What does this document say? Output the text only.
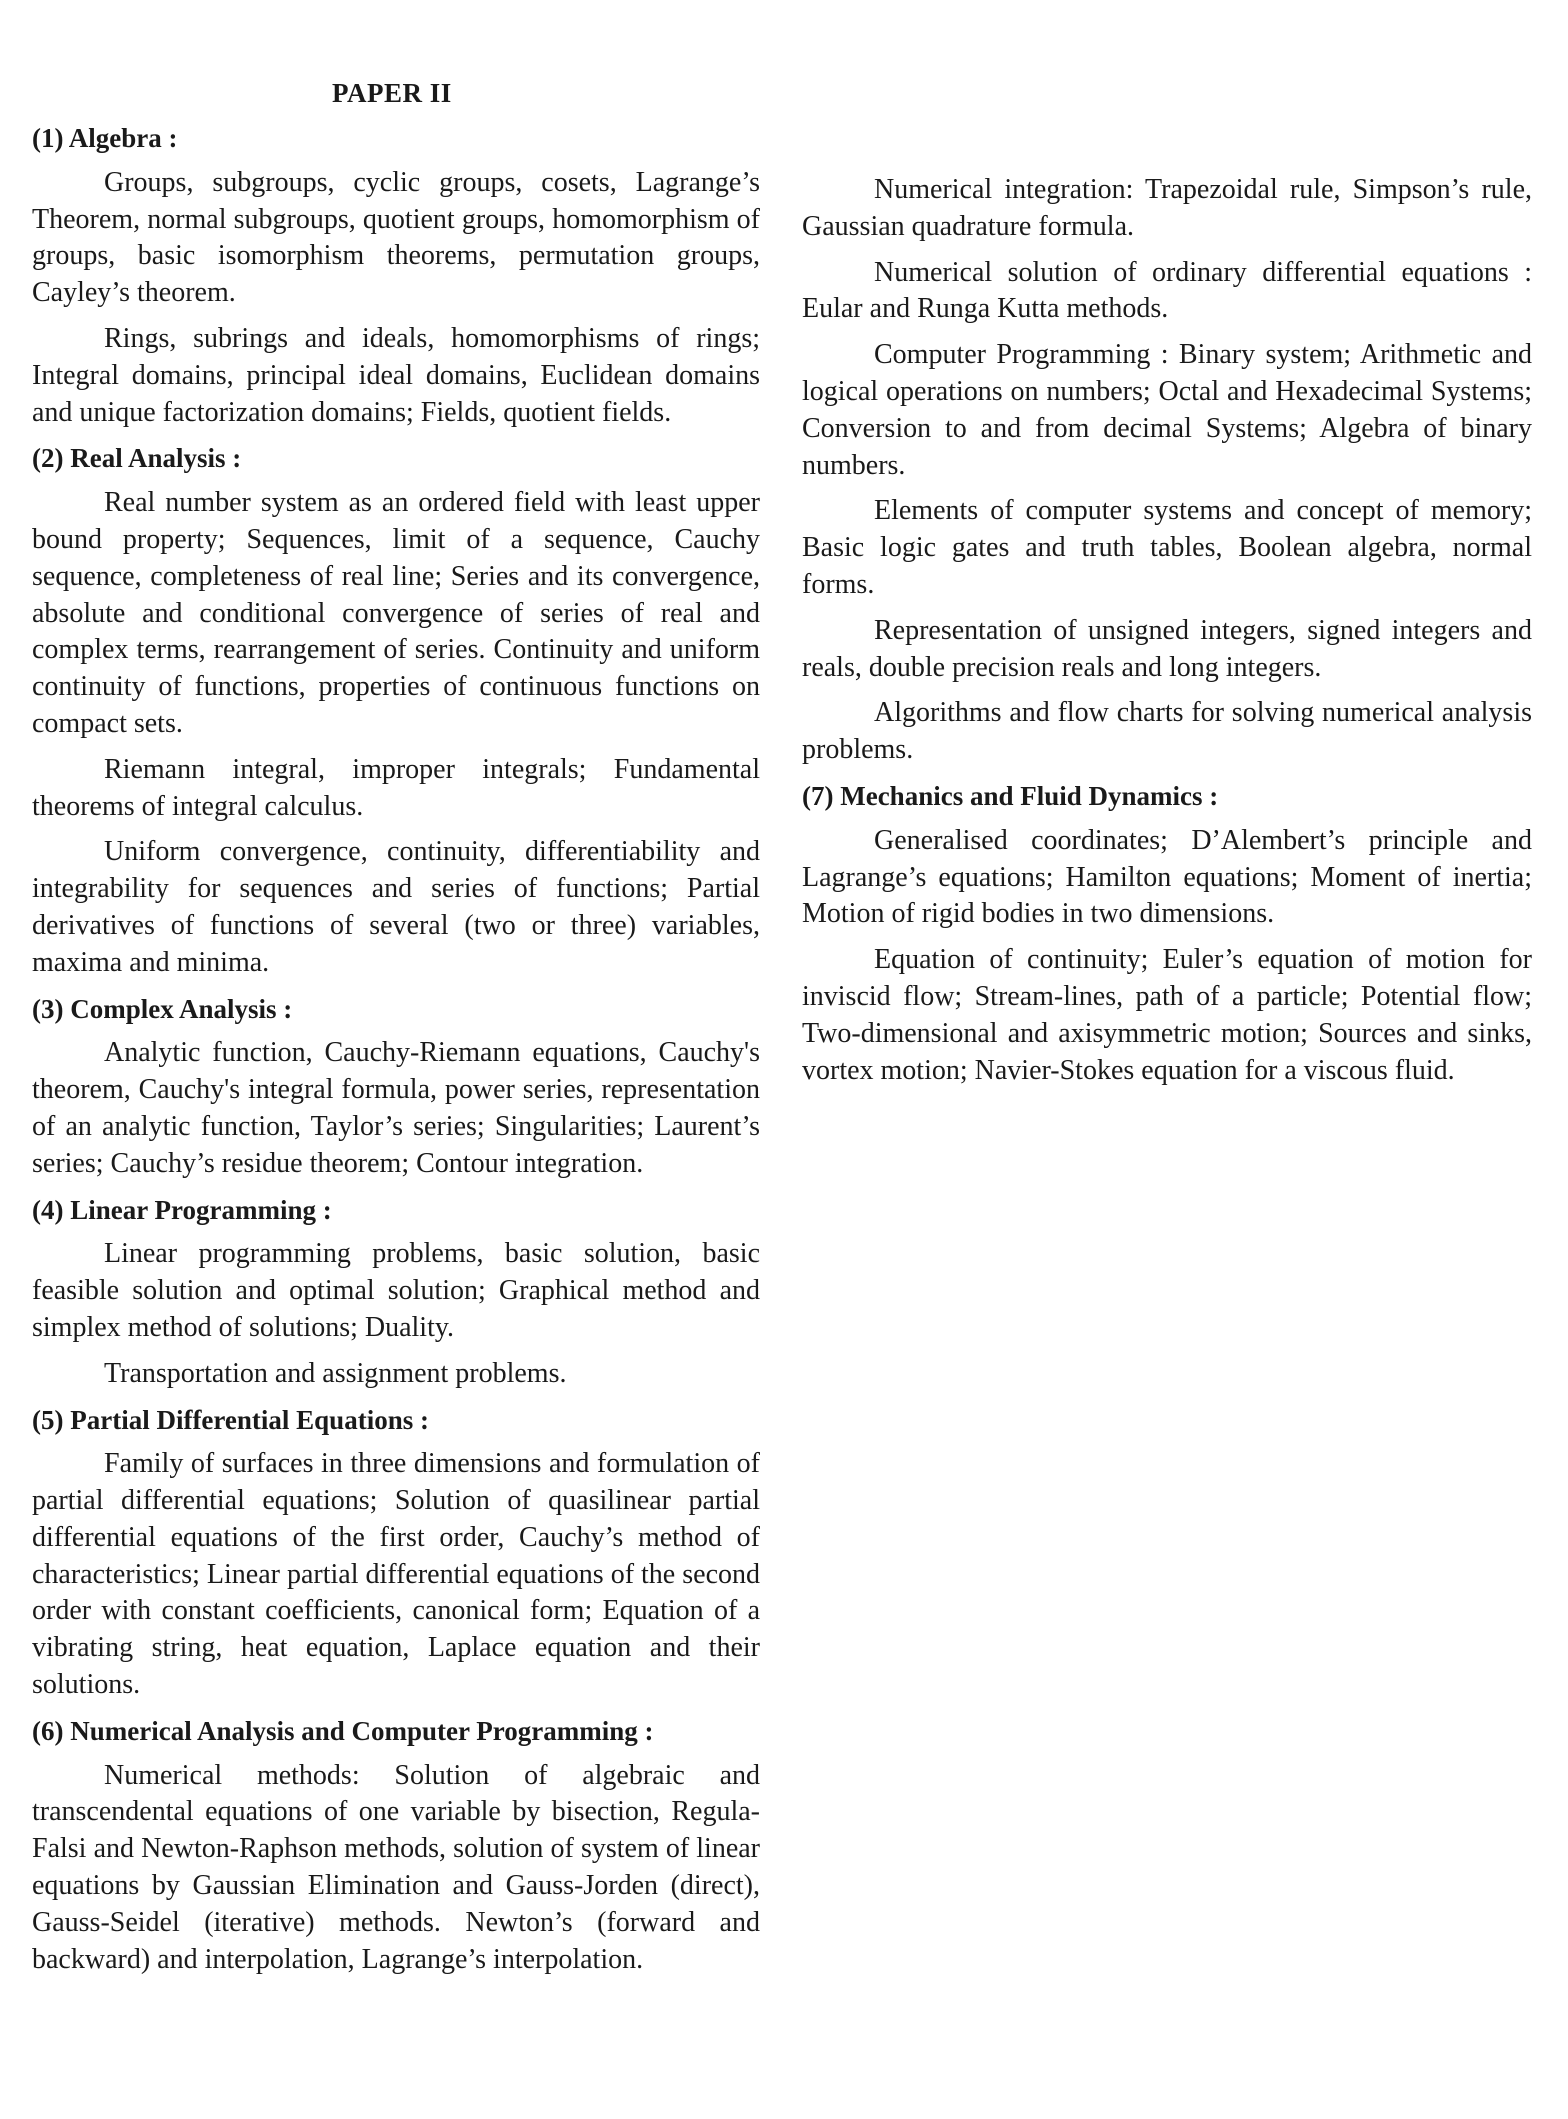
PAPER II

(1) Algebra :

Groups, subgroups, cyclic groups, cosets, Lagrange’s Theorem, normal subgroups, quotient groups, homomorphism of groups, basic isomorphism theorems, permutation groups, Cayley’s theorem.

Rings, subrings and ideals, homomorphisms of rings; Integral domains, principal ideal domains, Euclidean domains and unique factorization domains; Fields, quotient fields.

(2) Real Analysis :

Real number system as an ordered field with least upper bound property; Sequences, limit of a sequence, Cauchy sequence, completeness of real line; Series and its convergence, absolute and conditional convergence of series of real and complex terms, rearrangement of series. Continuity and uniform continuity of functions, properties of continuous functions on compact sets.

Riemann integral, improper integrals; Fundamental theorems of integral calculus.

Uniform convergence, continuity, differentiability and integrability for sequences and series of functions; Partial derivatives of functions of several (two or three) variables, maxima and minima.

(3) Complex Analysis :

Analytic function, Cauchy-Riemann equations, Cauchy's theorem, Cauchy's integral formula, power series, representation of an analytic function, Taylor’s series; Singularities; Laurent’s series; Cauchy’s residue theorem; Contour integration.

(4) Linear Programming :

Linear programming problems, basic solution, basic feasible solution and optimal solution; Graphical method and simplex method of solutions; Duality.

Transportation and assignment problems.

(5) Partial Differential Equations :

Family of surfaces in three dimensions and formulation of partial differential equations; Solution of quasilinear partial differential equations of the first order, Cauchy’s method of characteristics; Linear partial differential equations of the second order with constant coefficients, canonical form; Equation of a vibrating string, heat equation, Laplace equation and their solutions.

(6) Numerical Analysis and Computer Programming :

Numerical methods: Solution of algebraic and transcendental equations of one variable by bisection, Regula-Falsi and Newton-Raphson methods, solution of system of linear equations by Gaussian Elimination and Gauss-Jorden (direct), Gauss-Seidel (iterative) methods. Newton’s (forward and backward) and interpolation, Lagrange’s interpolation.

Numerical integration: Trapezoidal rule, Simpson’s rule, Gaussian quadrature formula.

Numerical solution of ordinary differential equations : Eular and Runga Kutta methods.

Computer Programming : Binary system; Arithmetic and logical operations on numbers; Octal and Hexadecimal Systems; Conversion to and from decimal Systems; Algebra of binary numbers.

Elements of computer systems and concept of memory; Basic logic gates and truth tables, Boolean algebra, normal forms.

Representation of unsigned integers, signed integers and reals, double precision reals and long integers.

Algorithms and flow charts for solving numerical analysis problems.

(7) Mechanics and Fluid Dynamics :

Generalised coordinates; D’Alembert’s principle and Lagrange’s equations; Hamilton equations; Moment of inertia; Motion of rigid bodies in two dimensions.

Equation of continuity; Euler’s equation of motion for inviscid flow; Stream-lines, path of a particle; Potential flow; Two-dimensional and axisymmetric motion; Sources and sinks, vortex motion; Navier-Stokes equation for a viscous fluid.
